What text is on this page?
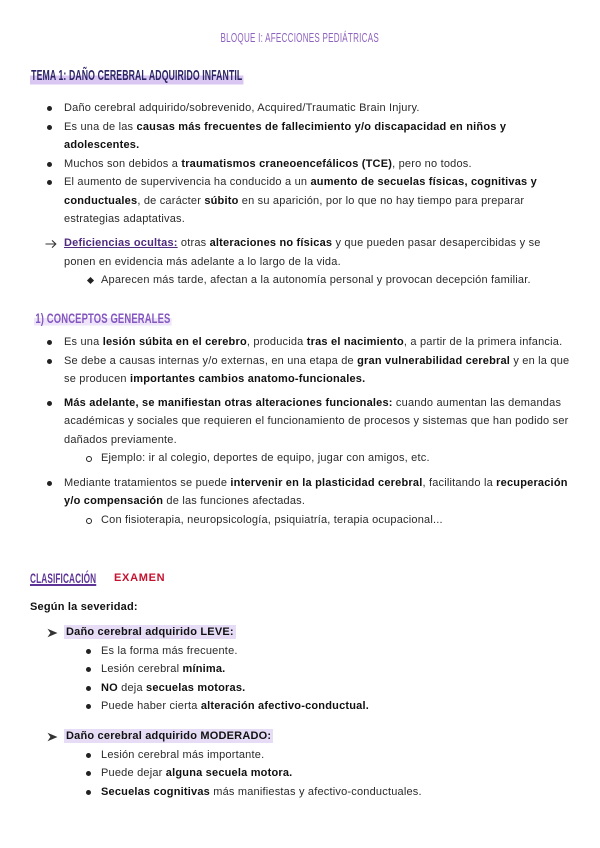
BLOQUE I: AFECCIONES PEDIÁTRICAS
TEMA 1: DAÑO CEREBRAL ADQUIRIDO INFANTIL
Daño cerebral adquirido/sobrevenido, Acquired/Traumatic Brain Injury.
Es una de las causas más frecuentes de fallecimiento y/o discapacidad en niños y adolescentes.
Muchos son debidos a traumatismos craneoencefálicos (TCE), pero no todos.
El aumento de supervivencia ha conducido a un aumento de secuelas físicas, cognitivas y conductuales, de carácter súbito en su aparición, por lo que no hay tiempo para preparar estrategias adaptativas.
Deficiencias ocultas: otras alteraciones no físicas y que pueden pasar desapercibidas y se ponen en evidencia más adelante a lo largo de la vida.
Aparecen más tarde, afectan a la autonomía personal y provocan decepción familiar.
1) CONCEPTOS GENERALES
Es una lesión súbita en el cerebro, producida tras el nacimiento, a partir de la primera infancia.
Se debe a causas internas y/o externas, en una etapa de gran vulnerabilidad cerebral y en la que se producen importantes cambios anatomo-funcionales.
Más adelante, se manifiestan otras alteraciones funcionales: cuando aumentan las demandas académicas y sociales que requieren el funcionamiento de procesos y sistemas que han podido ser dañados previamente.
Ejemplo: ir al colegio, deportes de equipo, jugar con amigos, etc.
Mediante tratamientos se puede intervenir en la plasticidad cerebral, facilitando la recuperación y/o compensación de las funciones afectadas.
Con fisioterapia, neuropsicología, psiquiatría, terapia ocupacional...
CLASIFICACIÓN	EXAMEN
Según la severidad:
Daño cerebral adquirido LEVE:
Es la forma más frecuente.
Lesión cerebral mínima.
NO deja secuelas motoras.
Puede haber cierta alteración afectivo-conductual.
Daño cerebral adquirido MODERADO:
Lesión cerebral más importante.
Puede dejar alguna secuela motora.
Secuelas cognitivas más manifiestas y afectivo-conductuales.
